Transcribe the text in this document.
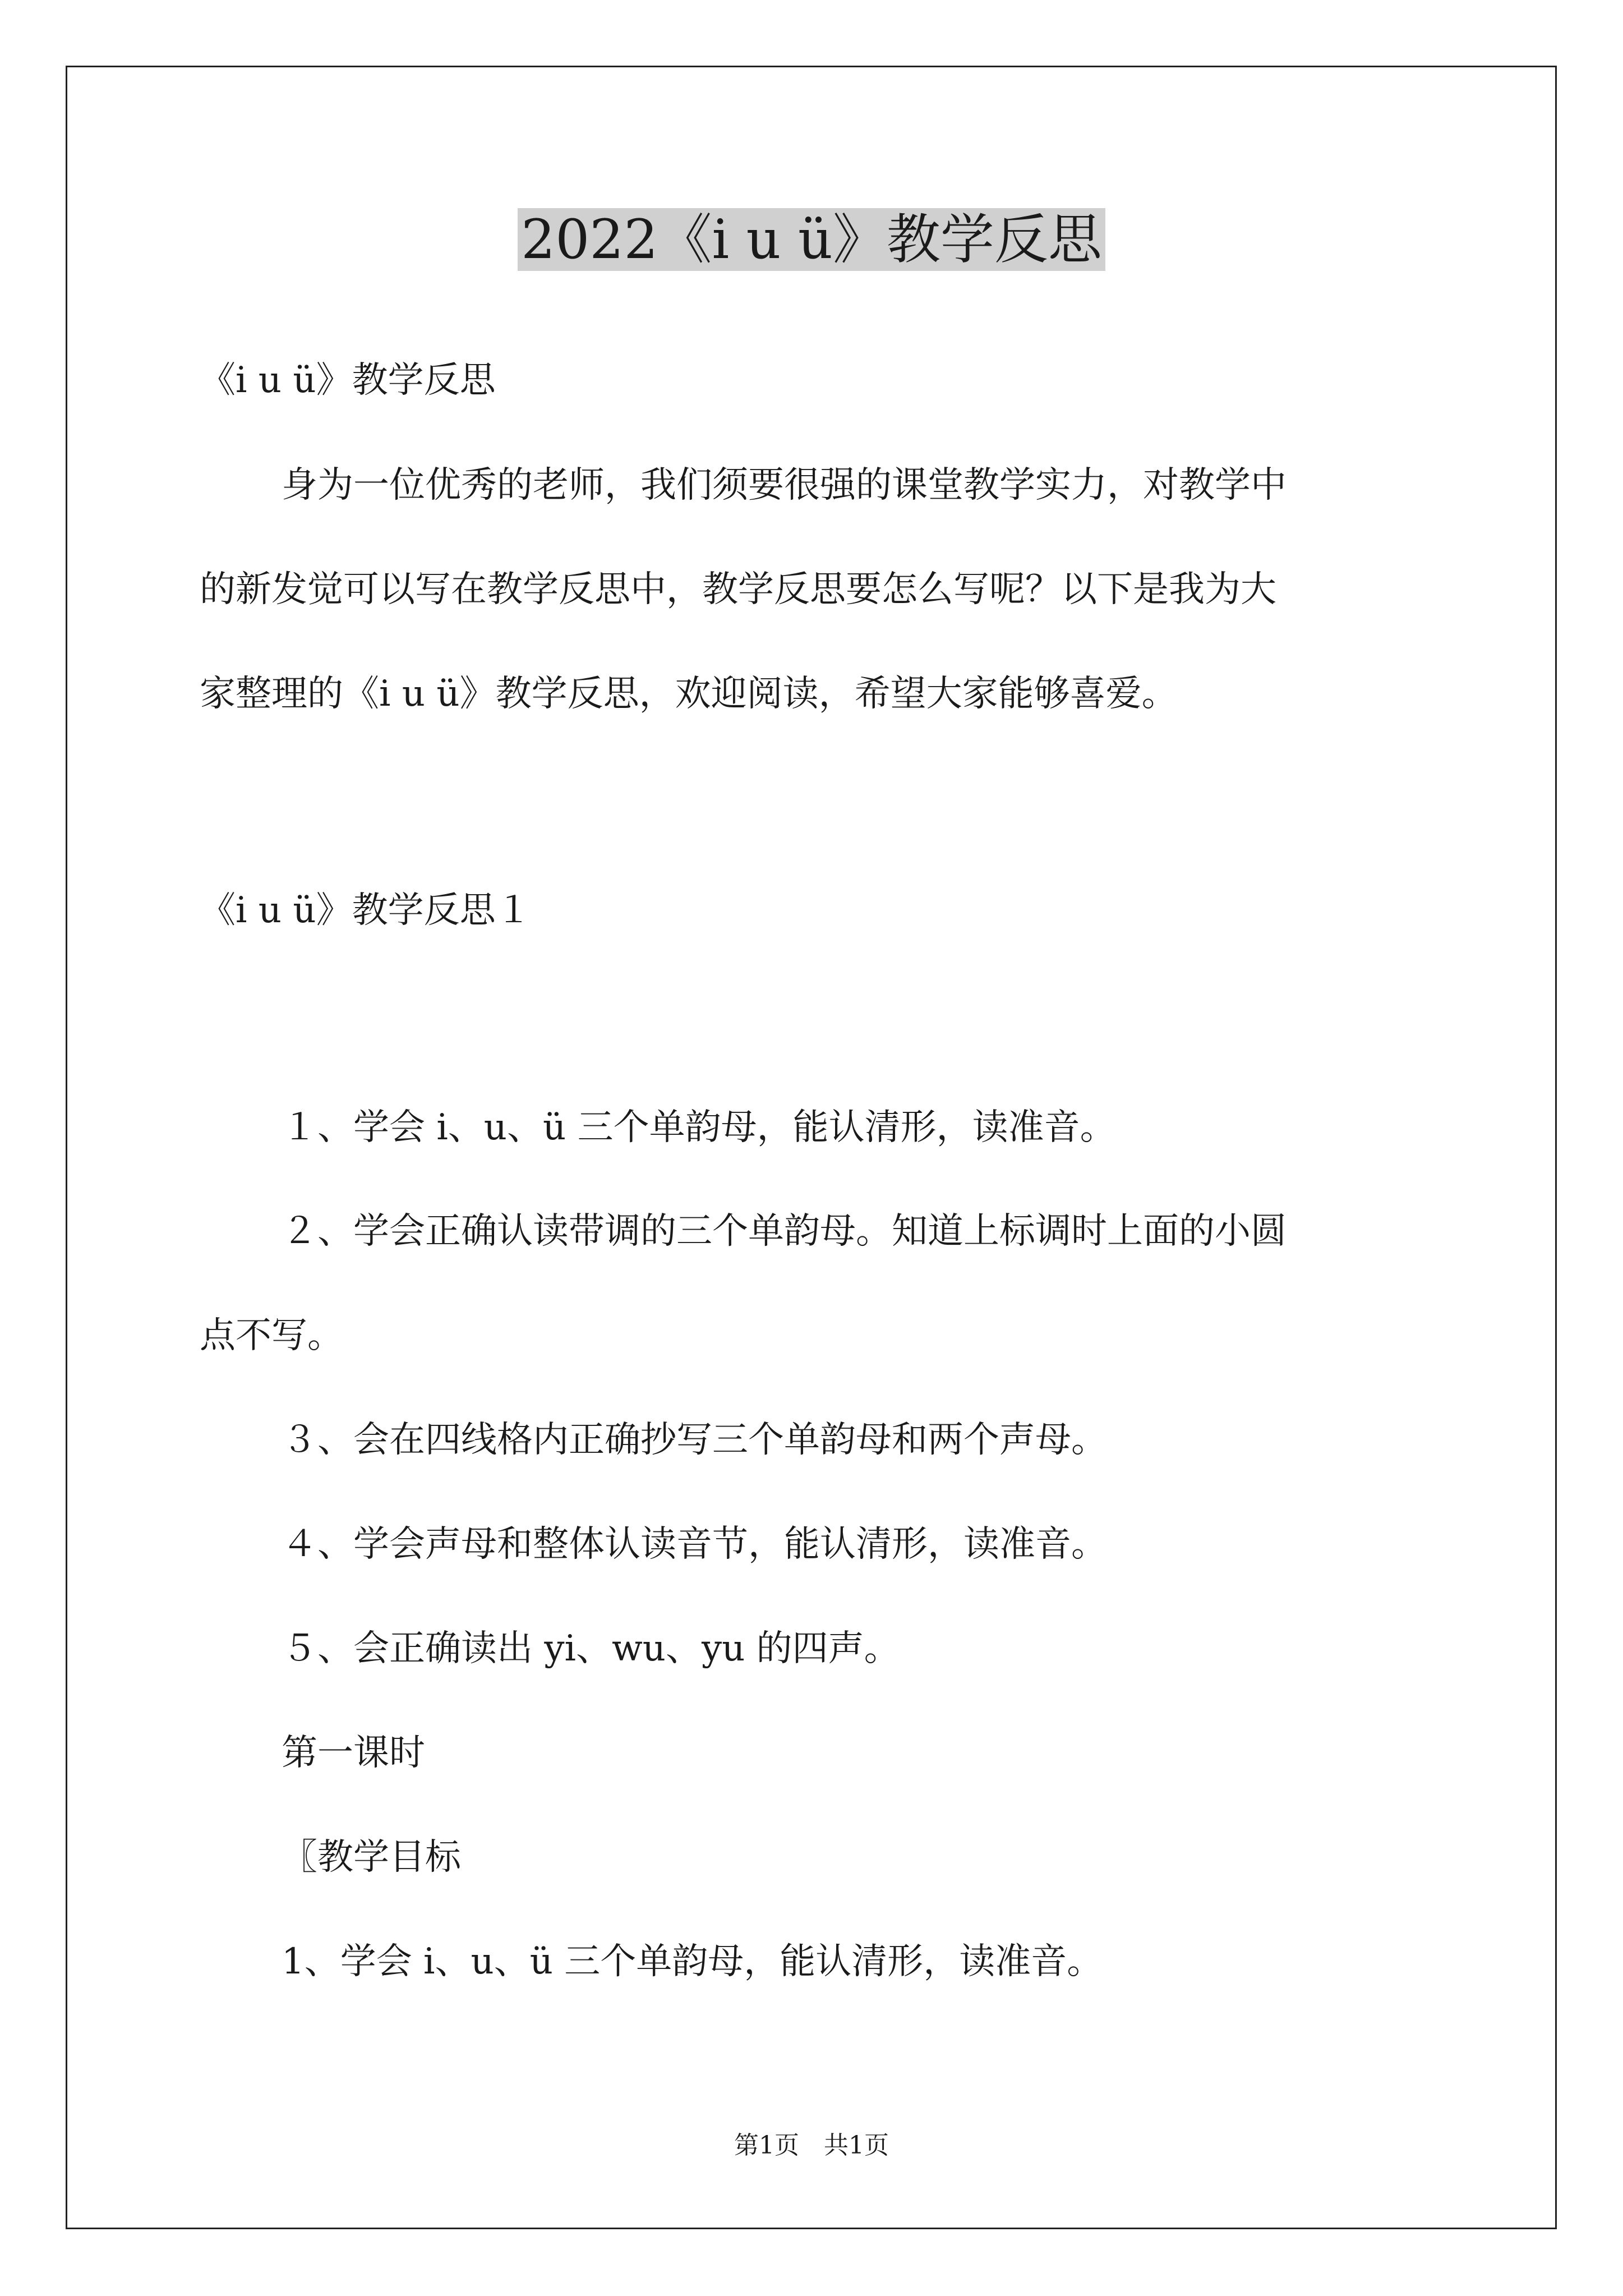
2022《i u ü》教学反思

《i u ü》教学反思

身为一位优秀的老师，我们须要很强的课堂教学实力，对教学中

的新发觉可以写在教学反思中，教学反思要怎么写呢？以下是我为大

家整理的《i u ü》教学反思，欢迎阅读，希望大家能够喜爱。

《i u ü》教学反思１

１、学会 i、u、ü 三个单韵母，能认清形，读准音。

２、学会正确认读带调的三个单韵母。知道上标调时上面的小圆

点不写。

３、会在四线格内正确抄写三个单韵母和两个声母。

４、学会声母和整体认读音节，能认清形，读准音。

５、会正确读出 yi、wu、yu 的四声。

第一课时

〖教学目标

1、学会 i、u、ü 三个单韵母，能认清形，读准音。

第1页　共1页
